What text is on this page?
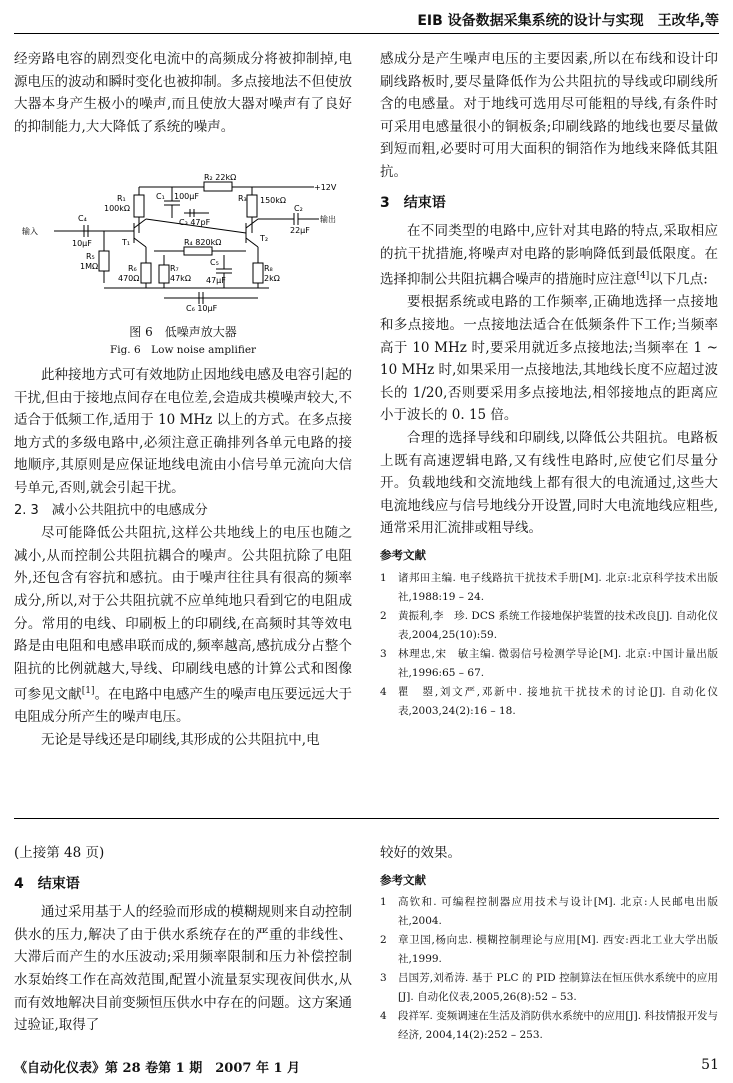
EIB 设备数据采集系统的设计与实现　王改华,等

经旁路电容的剧烈变化电流中的高频成分将被抑制掉,电源电压的波动和瞬时变化也被抑制。多点接地法不但使放大器本身产生极小的噪声,而且使放大器对噪声有了良好的抑制能力,大大降低了系统的噪声。

R₂ 22kΩ
+12V
R₁
100kΩ
C₁ 100μF	R₃ 150kΩ
C₃ 47pF
C₂
22μF
输出
输入
C₄
10μF	T₁	T₂
R₄ 820kΩ
R₅
1MΩ	R₆
470Ω
R₇
47kΩ
C₅
47μF
R₈
2kΩ
C₆ 10μF
图 6　低噪声放大器
Fig. 6　Low noise amplifier

此种接地方式可有效地防止因地线电感及电容引起的干扰,但由于接地点间存在电位差,会造成共模噪声较大,不适合于低频工作,适用于 10 MHz 以上的方式。在多点接地方式的多级电路中,必须注意正确排列各单元电路的接地顺序,其原则是应保证地线电流由小信号单元流向大信号单元,否则,就会引起干扰。

2. 3　减小公共阻抗中的电感成分

尽可能降低公共阻抗,这样公共地线上的电压也随之减小,从而控制公共阻抗耦合的噪声。公共阻抗除了电阻外,还包含有容抗和感抗。由于噪声往往具有很高的频率成分,所以,对于公共阻抗就不应单纯地只看到它的电阻成分。常用的电线、印刷板上的印刷线,在高频时其等效电路是由电阻和电感串联而成的,频率越高,感抗成分占整个阻抗的比例就越大,导线、印刷线电感的计算公式和图像可参见文献[1]。在电路中电感产生的噪声电压要远远大于电阻成分所产生的噪声电压。

无论是导线还是印刷线,其形成的公共阻抗中,电

感成分是产生噪声电压的主要因素,所以在布线和设计印刷线路板时,要尽量降低作为公共阻抗的导线或印刷线所含的电感量。对于地线可选用尽可能粗的导线,有条件时可采用电感量很小的铜板条;印刷线路的地线也要尽量做到短而粗,必要时可用大面积的铜箔作为地线来降低其阻抗。

3　结束语

在不同类型的电路中,应针对其电路的特点,采取相应的抗干扰措施,将噪声对电路的影响降低到最低限度。在选择抑制公共阻抗耦合噪声的措施时应注意[4]以下几点:

要根据系统或电路的工作频率,正确地选择一点接地和多点接地。一点接地法适合在低频条件下工作;当频率高于 10 MHz 时,要采用就近多点接地法;当频率在 1 ~ 10 MHz 时,如果采用一点接地法,其地线长度不应超过波长的 1/20,否则要采用多点接地法,相邻接地点的距离应小于波长的 0. 15 倍。

合理的选择导线和印刷线,以降低公共阻抗。电路板上既有高速逻辑电路,又有线性电路时,应使它们尽量分开。负载地线和交流地线上都有很大的电流通过,这些大电流地线应与信号地线分开设置,同时大电流地线应粗些,通常采用汇流排或粗导线。

参考文献
1 诸邦田主编. 电子线路抗干扰技术手册[M]. 北京:北京科学技术出版社,1988:19 – 24.
2 黄振利,李　珍. DCS 系统工作接地保护装置的技术改良[J]. 自动化仪表,2004,25(10):59.
3 林理忠,宋　敏主编. 微弱信号检测学导论[M]. 北京:中国计量出版社,1996:65 – 67.
4 瞿　曌,刘文严,邓新中. 接地抗干扰技术的讨论[J]. 自动化仪表,2003,24(2):16 – 18.

(上接第 48 页)

4　结束语

通过采用基于人的经验而形成的模糊规则来自动控制供水的压力,解决了由于供水系统存在的严重的非线性、大滞后而产生的水压波动;采用频率限制和压力补偿控制水泵始终工作在高效范围,配置小流量泵实现夜间供水,从而有效地解决目前变频恒压供水中存在的问题。这方案通过验证,取得了

较好的效果。

参考文献
1 高钦和. 可编程控制器应用技术与设计[M]. 北京:人民邮电出版社,2004.
2 章卫国,杨向忠. 模糊控制理论与应用[M]. 西安:西北工业大学出版社,1999.
3 吕国芳,刘希涛. 基于 PLC 的 PID 控制算法在恒压供水系统中的应用[J]. 自动化仪表,2005,26(8):52 – 53.
4 段祥军. 变频调速在生活及消防供水系统中的应用[J]. 科技情报开发与经济, 2004,14(2):252 – 253.
《自动化仪表》第 28 卷第 1 期　2007 年 1 月	51
